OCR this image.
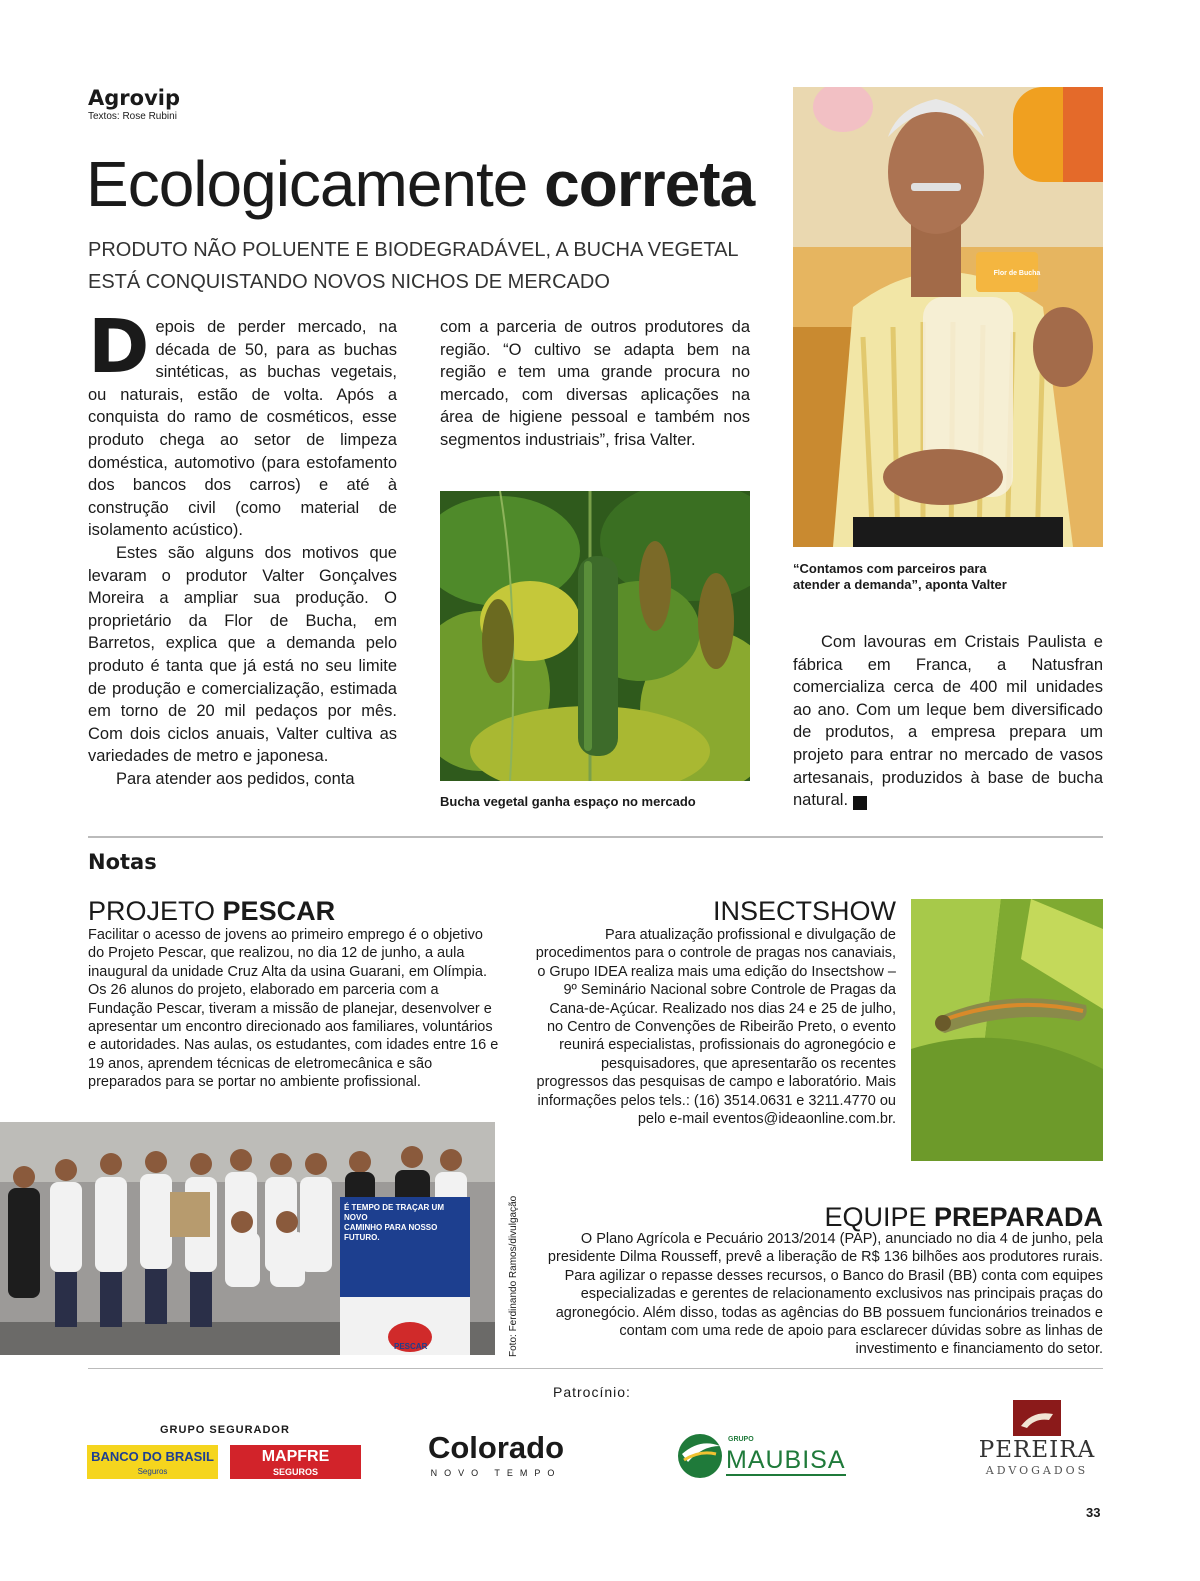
Agrovip
Textos: Rose Rubini
Ecologicamente correta
PRODUTO NÃO POLUENTE E BIODEGRADÁVEL, A BUCHA VEGETAL
ESTÁ CONQUISTANDO NOVOS NICHOS DE MERCADO

Depois de perder mercado, na década de 50, para as buchas sintéticas, as buchas vegetais, ou naturais, estão de volta. Após a conquista do ramo de cosméticos, esse produto chega ao setor de limpeza doméstica, automotivo (para estofamento dos bancos dos carros) e até à construção civil (como material de isolamento acústico).

Estes são alguns dos motivos que levaram o produtor Valter Gonçalves Moreira a ampliar sua produção. O proprietário da Flor de Bucha, em Barretos, explica que a demanda pelo produto é tanta que já está no seu limite de produção e comercialização, estimada em torno de 20 mil pedaços por mês. Com dois ciclos anuais, Valter cultiva as variedades de metro e japonesa.

Para atender aos pedidos, conta

com a parceria de outros produtores da região. “O cultivo se adapta bem na região e tem uma grande procura no mercado, com diversas aplicações na área de higiene pessoal e também nos segmentos industriais”, frisa Valter.

Bucha vegetal ganha espaço no mercado
Flor de Bucha
“Contamos com parceiros para
atender a demanda”, aponta Valter

Com lavouras em Cristais Paulista e fábrica em Franca, a Natusfran comercializa cerca de 400 mil unidades ao ano. Com um leque bem diversificado de produtos, a empresa prepara um projeto para entrar no mercado de vasos artesanais, produzidos à base de bucha natural.	r

Notas
PROJETO PESCAR

Facilitar o acesso de jovens ao primeiro emprego é o objetivo do Projeto Pescar, que realizou, no dia 12 de junho, a aula inaugural da unidade Cruz Alta da usina Guarani, em Olímpia. Os 26 alunos do projeto, elaborado em parceria com a Fundação Pescar, tiveram a missão de planejar, desenvolver e apresentar um encontro direcionado aos familiares, voluntários e autoridades. Nas aulas, os estudantes, com idades entre 16 e 19 anos, aprendem técnicas de eletromecânica e são preparados para se portar no ambiente profissional.

É TEMPO DE TRAÇAR UM NOVO
CAMINHO PARA NOSSO FUTURO.
PESCAR	Foto: Ferdinando Ramos/divulgação
INSECTSHOW

Para atualização profissional e divulgação de procedimentos para o controle de pragas nos canaviais, o Grupo IDEA realiza mais uma edição do Insectshow – 9º Seminário Nacional sobre Controle de Pragas da Cana-de-Açúcar. Realizado nos dias 24 e 25 de julho, no Centro de Convenções de Ribeirão Preto, o evento reunirá especialistas, profissionais do agronegócio e pesquisadores, que apresentarão os recentes progressos das pesquisas de campo e laboratório. Mais informações pelos tels.: (16) 3514.0631 e 3211.4770 ou pelo e-mail eventos@ideaonline.com.br.

EQUIPE PREPARADA

O Plano Agrícola e Pecuário 2013/2014 (PAP), anunciado no dia 4 de junho, pela presidente Dilma Rousseff, prevê a liberação de R$ 136 bilhões aos produtores rurais. Para agilizar o repasse desses recursos, o Banco do Brasil (BB) conta com equipes especializadas e gerentes de relacionamento exclusivos nas principais praças do agronegócio. Além disso, todas as agências do BB possuem funcionários treinados e contam com uma rede de apoio para esclarecer dúvidas sobre as linhas de investimento e financiamento do setor.

Patrocínio:
GRUPO SEGURADOR
BANCO DO BRASIL
Seguros
MAPFRE
SEGUROS
Colorado
NOVO TEMPO
GRUPO
MAUBISA	PEREIRA
ADVOGADOS
33
